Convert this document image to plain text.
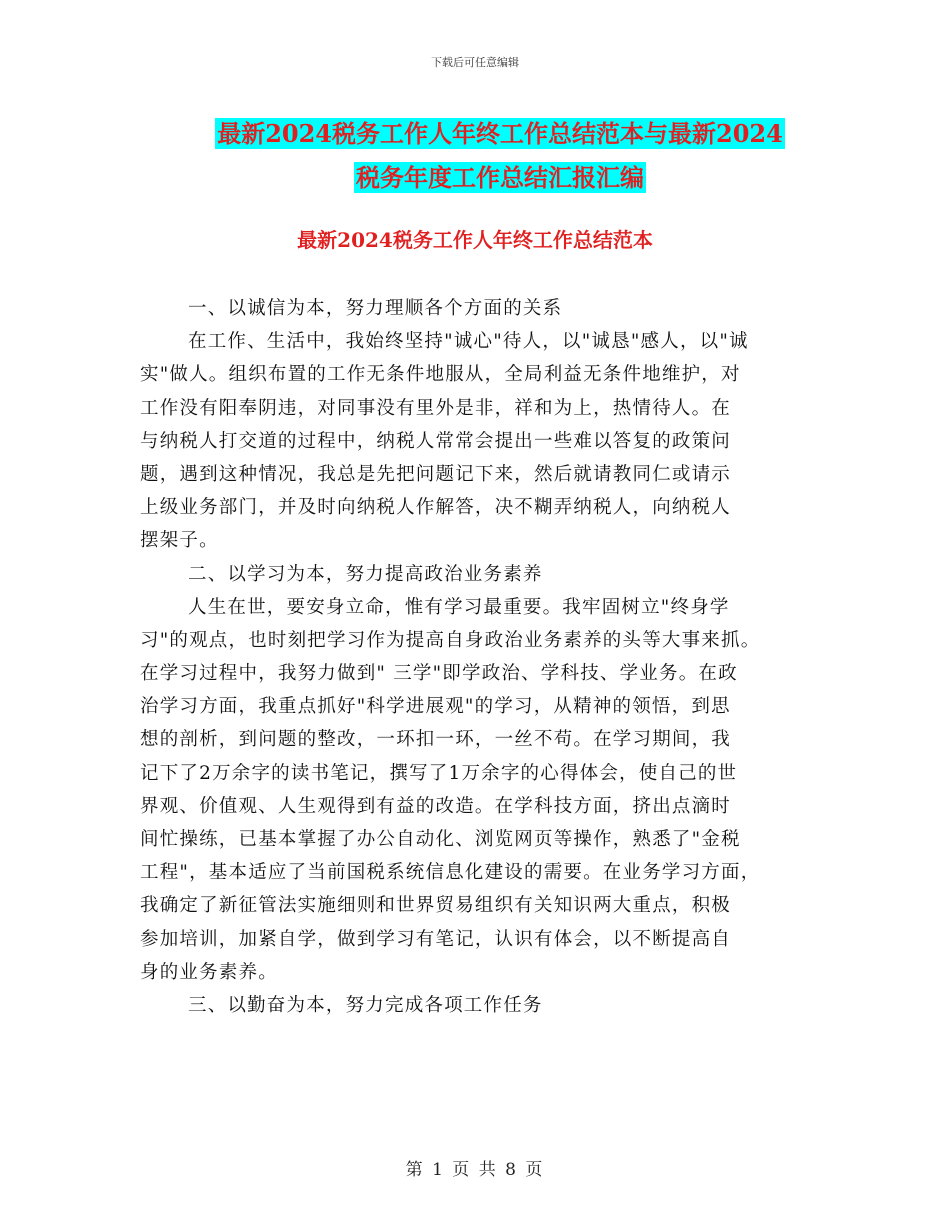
下载后可任意编辑
最新2024税务工作人年终工作总结范本与最新2024
税务年度工作总结汇报汇编
最新2024税务工作人年终工作总结范本
一、以诚信为本，努力理顺各个方面的关系
在工作、生活中，我始终坚持"诚心"待人，以"诚恳"感人，以"诚
实"做人。组织布置的工作无条件地服从，全局利益无条件地维护，对
工作没有阳奉阴违，对同事没有里外是非，祥和为上，热情待人。在
与纳税人打交道的过程中，纳税人常常会提出一些难以答复的政策问
题，遇到这种情况，我总是先把问题记下来，然后就请教同仁或请示
上级业务部门，并及时向纳税人作解答，决不糊弄纳税人，向纳税人
摆架子。
二、以学习为本，努力提高政治业务素养
人生在世，要安身立命，惟有学习最重要。我牢固树立"终身学
习"的观点，也时刻把学习作为提高自身政治业务素养的头等大事来抓。
在学习过程中，我努力做到" 三学"即学政治、学科技、学业务。在政
治学习方面，我重点抓好"科学进展观"的学习，从精神的领悟，到思
想的剖析，到问题的整改，一环扣一环，一丝不苟。在学习期间，我
记下了2万余字的读书笔记，撰写了1万余字的心得体会，使自己的世
界观、价值观、人生观得到有益的改造。在学科技方面，挤出点滴时
间忙操练，已基本掌握了办公自动化、浏览网页等操作，熟悉了"金税
工程"，基本适应了当前国税系统信息化建设的需要。在业务学习方面，
我确定了新征管法实施细则和世界贸易组织有关知识两大重点，积极
参加培训，加紧自学，做到学习有笔记，认识有体会，以不断提高自
身的业务素养。
三、以勤奋为本，努力完成各项工作任务
第 1 页 共 8 页
